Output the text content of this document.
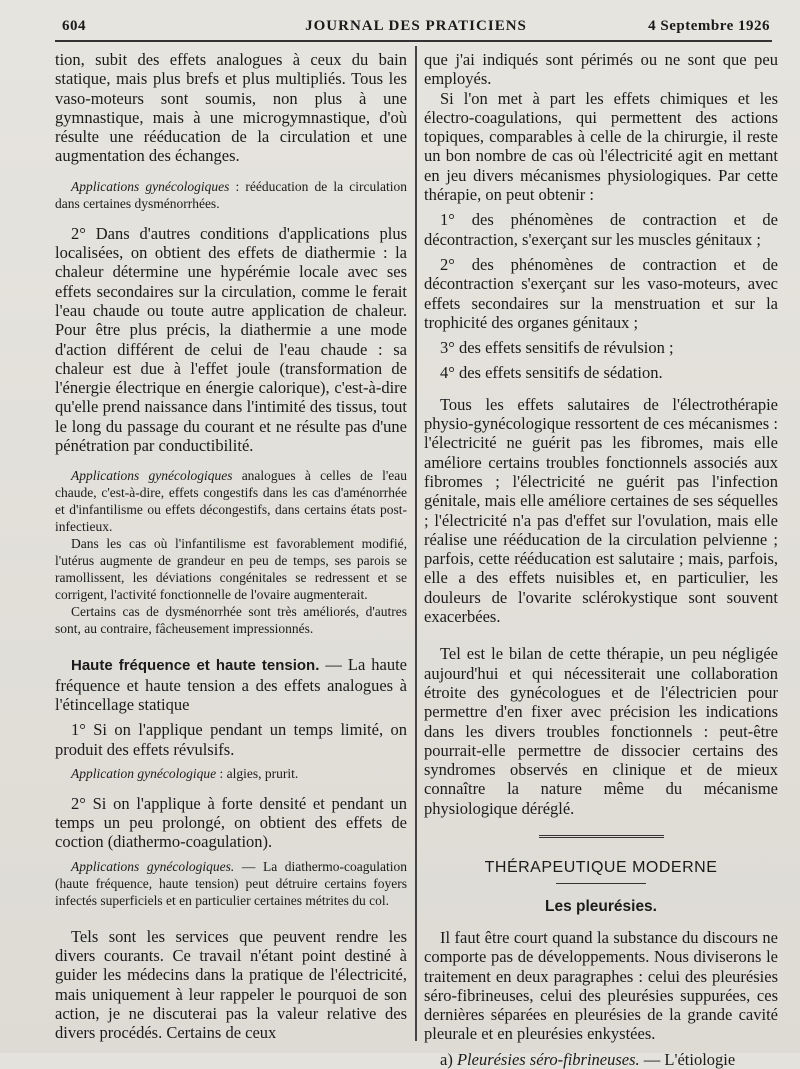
604	JOURNAL DES PRATICIENS	4 Septembre 1926

tion, subit des effets analogues à ceux du bain statique, mais plus brefs et plus multipliés. Tous les vaso-moteurs sont soumis, non plus à une gymnastique, mais à une microgymnastique, d'où résulte une rééducation de la circulation et une augmentation des échanges.

Applications gynécologiques : rééducation de la circulation dans certaines dysménorrhées.

2° Dans d'autres conditions d'applications plus localisées, on obtient des effets de diathermie : la chaleur détermine une hypérémie locale avec ses effets secondaires sur la circulation, comme le ferait l'eau chaude ou toute autre application de chaleur. Pour être plus précis, la diathermie a une mode d'action différent de celui de l'eau chaude : sa chaleur est due à l'effet joule (transformation de l'énergie électrique en énergie calorique), c'est-à-dire qu'elle prend naissance dans l'intimité des tissus, tout le long du passage du courant et ne résulte pas d'une pénétration par conductibilité.

Applications gynécologiques analogues à celles de l'eau chaude, c'est-à-dire, effets congestifs dans les cas d'aménorrhée et d'infantilisme ou effets décongestifs, dans certains états post-infectieux.

Dans les cas où l'infantilisme est favorablement modifié, l'utérus augmente de grandeur en peu de temps, ses parois se ramollissent, les déviations congénitales se redressent et se corrigent, l'activité fonctionnelle de l'ovaire augmenterait.

Certains cas de dysménorrhée sont très améliorés, d'autres sont, au contraire, fâcheusement impressionnés.

Haute fréquence et haute tension. — La haute fréquence et haute tension a des effets analogues à l'étincellage statique

1° Si on l'applique pendant un temps limité, on produit des effets révulsifs.

Application gynécologique : algies, prurit.

2° Si on l'applique à forte densité et pendant un temps un peu prolongé, on obtient des effets de coction (diathermo-coagulation).

Applications gynécologiques. — La diathermo-coagulation (haute fréquence, haute tension) peut détruire certains foyers infectés superficiels et en particulier certaines métrites du col.

Tels sont les services que peuvent rendre les divers courants. Ce travail n'étant point destiné à guider les médecins dans la pratique de l'électricité, mais uniquement à leur rappeler le pourquoi de son action, je ne discuterai pas la valeur relative des divers procédés. Certains de ceux

que j'ai indiqués sont périmés ou ne sont que peu employés.

Si l'on met à part les effets chimiques et les électro-coagulations, qui permettent des actions topiques, comparables à celle de la chirurgie, il reste un bon nombre de cas où l'électricité agit en mettant en jeu divers mécanismes physiologiques. Par cette thérapie, on peut obtenir :

1° des phénomènes de contraction et de décontraction, s'exerçant sur les muscles génitaux ;

2° des phénomènes de contraction et de décontraction s'exerçant sur les vaso-moteurs, avec effets secondaires sur la menstruation et sur la trophicité des organes génitaux ;

3° des effets sensitifs de révulsion ;

4° des effets sensitifs de sédation.

Tous les effets salutaires de l'électrothérapie physio-gynécologique ressortent de ces mécanismes : l'électricité ne guérit pas les fibromes, mais elle améliore certains troubles fonctionnels associés aux fibromes ; l'électricité ne guérit pas l'infection génitale, mais elle améliore certaines de ses séquelles ; l'électricité n'a pas d'effet sur l'ovulation, mais elle réalise une rééducation de la circulation pelvienne ; parfois, cette rééducation est salutaire ; mais, parfois, elle a des effets nuisibles et, en particulier, les douleurs de l'ovarite sclérokystique sont souvent exacerbées.

Tel est le bilan de cette thérapie, un peu négligée aujourd'hui et qui nécessiterait une collaboration étroite des gynécologues et de l'électricien pour permettre d'en fixer avec précision les indications dans les divers troubles fonctionnels : peut-être pourrait-elle permettre de dissocier certains des syndromes observés en clinique et de mieux connaître la nature même du mécanisme physiologique déréglé.

THÉRAPEUTIQUE MODERNE
Les pleurésies.

Il faut être court quand la substance du discours ne comporte pas de développements. Nous diviserons le traitement en deux paragraphes : celui des pleurésies séro-fibrineuses, celui des pleurésies suppurées, ces dernières séparées en pleurésies de la grande cavité pleurale et en pleurésies enkystées.

a) Pleurésies séro-fibrineuses. — L'étiologie
